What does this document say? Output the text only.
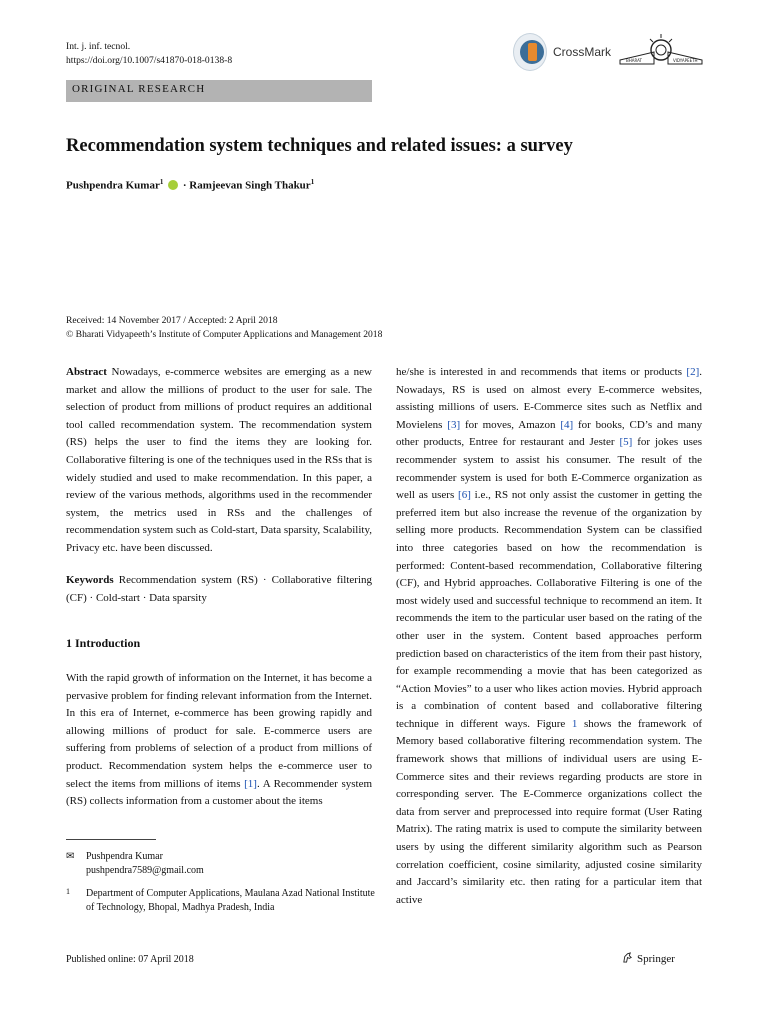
Int. j. inf. tecnol.
https://doi.org/10.1007/s41870-018-0138-8
CrossMark
BHARAT	VIDYAPEETH
ORIGINAL RESEARCH
Recommendation system techniques and related issues: a survey
Pushpendra Kumar$^1$ · Ramjeevan Singh Thakur$^1$
Received: 14 November 2017 / Accepted: 2 April 2018
© Bharati Vidyapeeth’s Institute of Computer Applications and Management 2018
Abstract Nowadays, e-commerce websites are emerging as a new market and allow the millions of product to the user for sale. The selection of product from millions of product requires an additional tool called recommendation system. The recommendation system (RS) helps the user to find the items they are looking for. Collaborative filtering is one of the techniques used in the RSs that is widely studied and used to make recommendation. In this paper, a review of the various methods, algorithms used in the recommender system, the metrics used in RSs and the challenges of recommendation system such as Cold-start, Data sparsity, Scalability, Privacy etc. have been discussed.
Keywords Recommendation system (RS) · Collaborative filtering (CF) · Cold-start · Data sparsity
1 Introduction
With the rapid growth of information on the Internet, it has become a pervasive problem for finding relevant information from the Internet. In this era of Internet, e-commerce has been growing rapidly and allowing millions of product for sale. E-commerce users are suffering from problems of selection of a product from millions of product. Recommendation system helps the e-commerce user to select the items from millions of items [1]. A Recommender system (RS) collects information from a customer about the items
he/she is interested in and recommends that items or products [2]. Nowadays, RS is used on almost every E-commerce websites, assisting millions of users. E-Commerce sites such as Netflix and Movielens [3] for moves, Amazon [4] for books, CD’s and many other products, Entree for restaurant and Jester [5] for jokes uses recommender system to assist his consumer. The result of the recommender system is used for both E-Commerce organization as well as users [6] i.e., RS not only assist the customer in getting the preferred item but also increase the revenue of the organization by selling more products. Recommendation System can be classified into three categories based on how the recommendation is performed: Content-based recommendation, Collaborative filtering (CF), and Hybrid approaches. Collaborative Filtering is one of the most widely used and successful technique to recommend an item. It recommends the item to the particular user based on the rating of the other user in the system. Content based approaches perform prediction based on characteristics of the item from their past history, for example recommending a movie that has been categorized as “Action Movies” to a user who likes action movies. Hybrid approach is a combination of content based and collaborative filtering technique in different ways. Figure 1 shows the framework of Memory based collaborative filtering recommendation system. The framework shows that millions of individual users are using E-Commerce sites and their reviews regarding products are store in corresponding server. The E-Commerce organizations collect the data from server and preprocessed into require format (User Rating Matrix). The rating matrix is used to compute the similarity between users by using the different similarity algorithm such as Pearson correlation coefficient, cosine similarity, adjusted cosine similarity and Jaccard’s similarity etc. then rating for a particular item that active
✉ Pushpendra Kumar
pushpendra7589@gmail.com
1 Department of Computer Applications, Maulana Azad National Institute of Technology, Bhopal, Madhya Pradesh, India
Published online: 07 April 2018	Springer
